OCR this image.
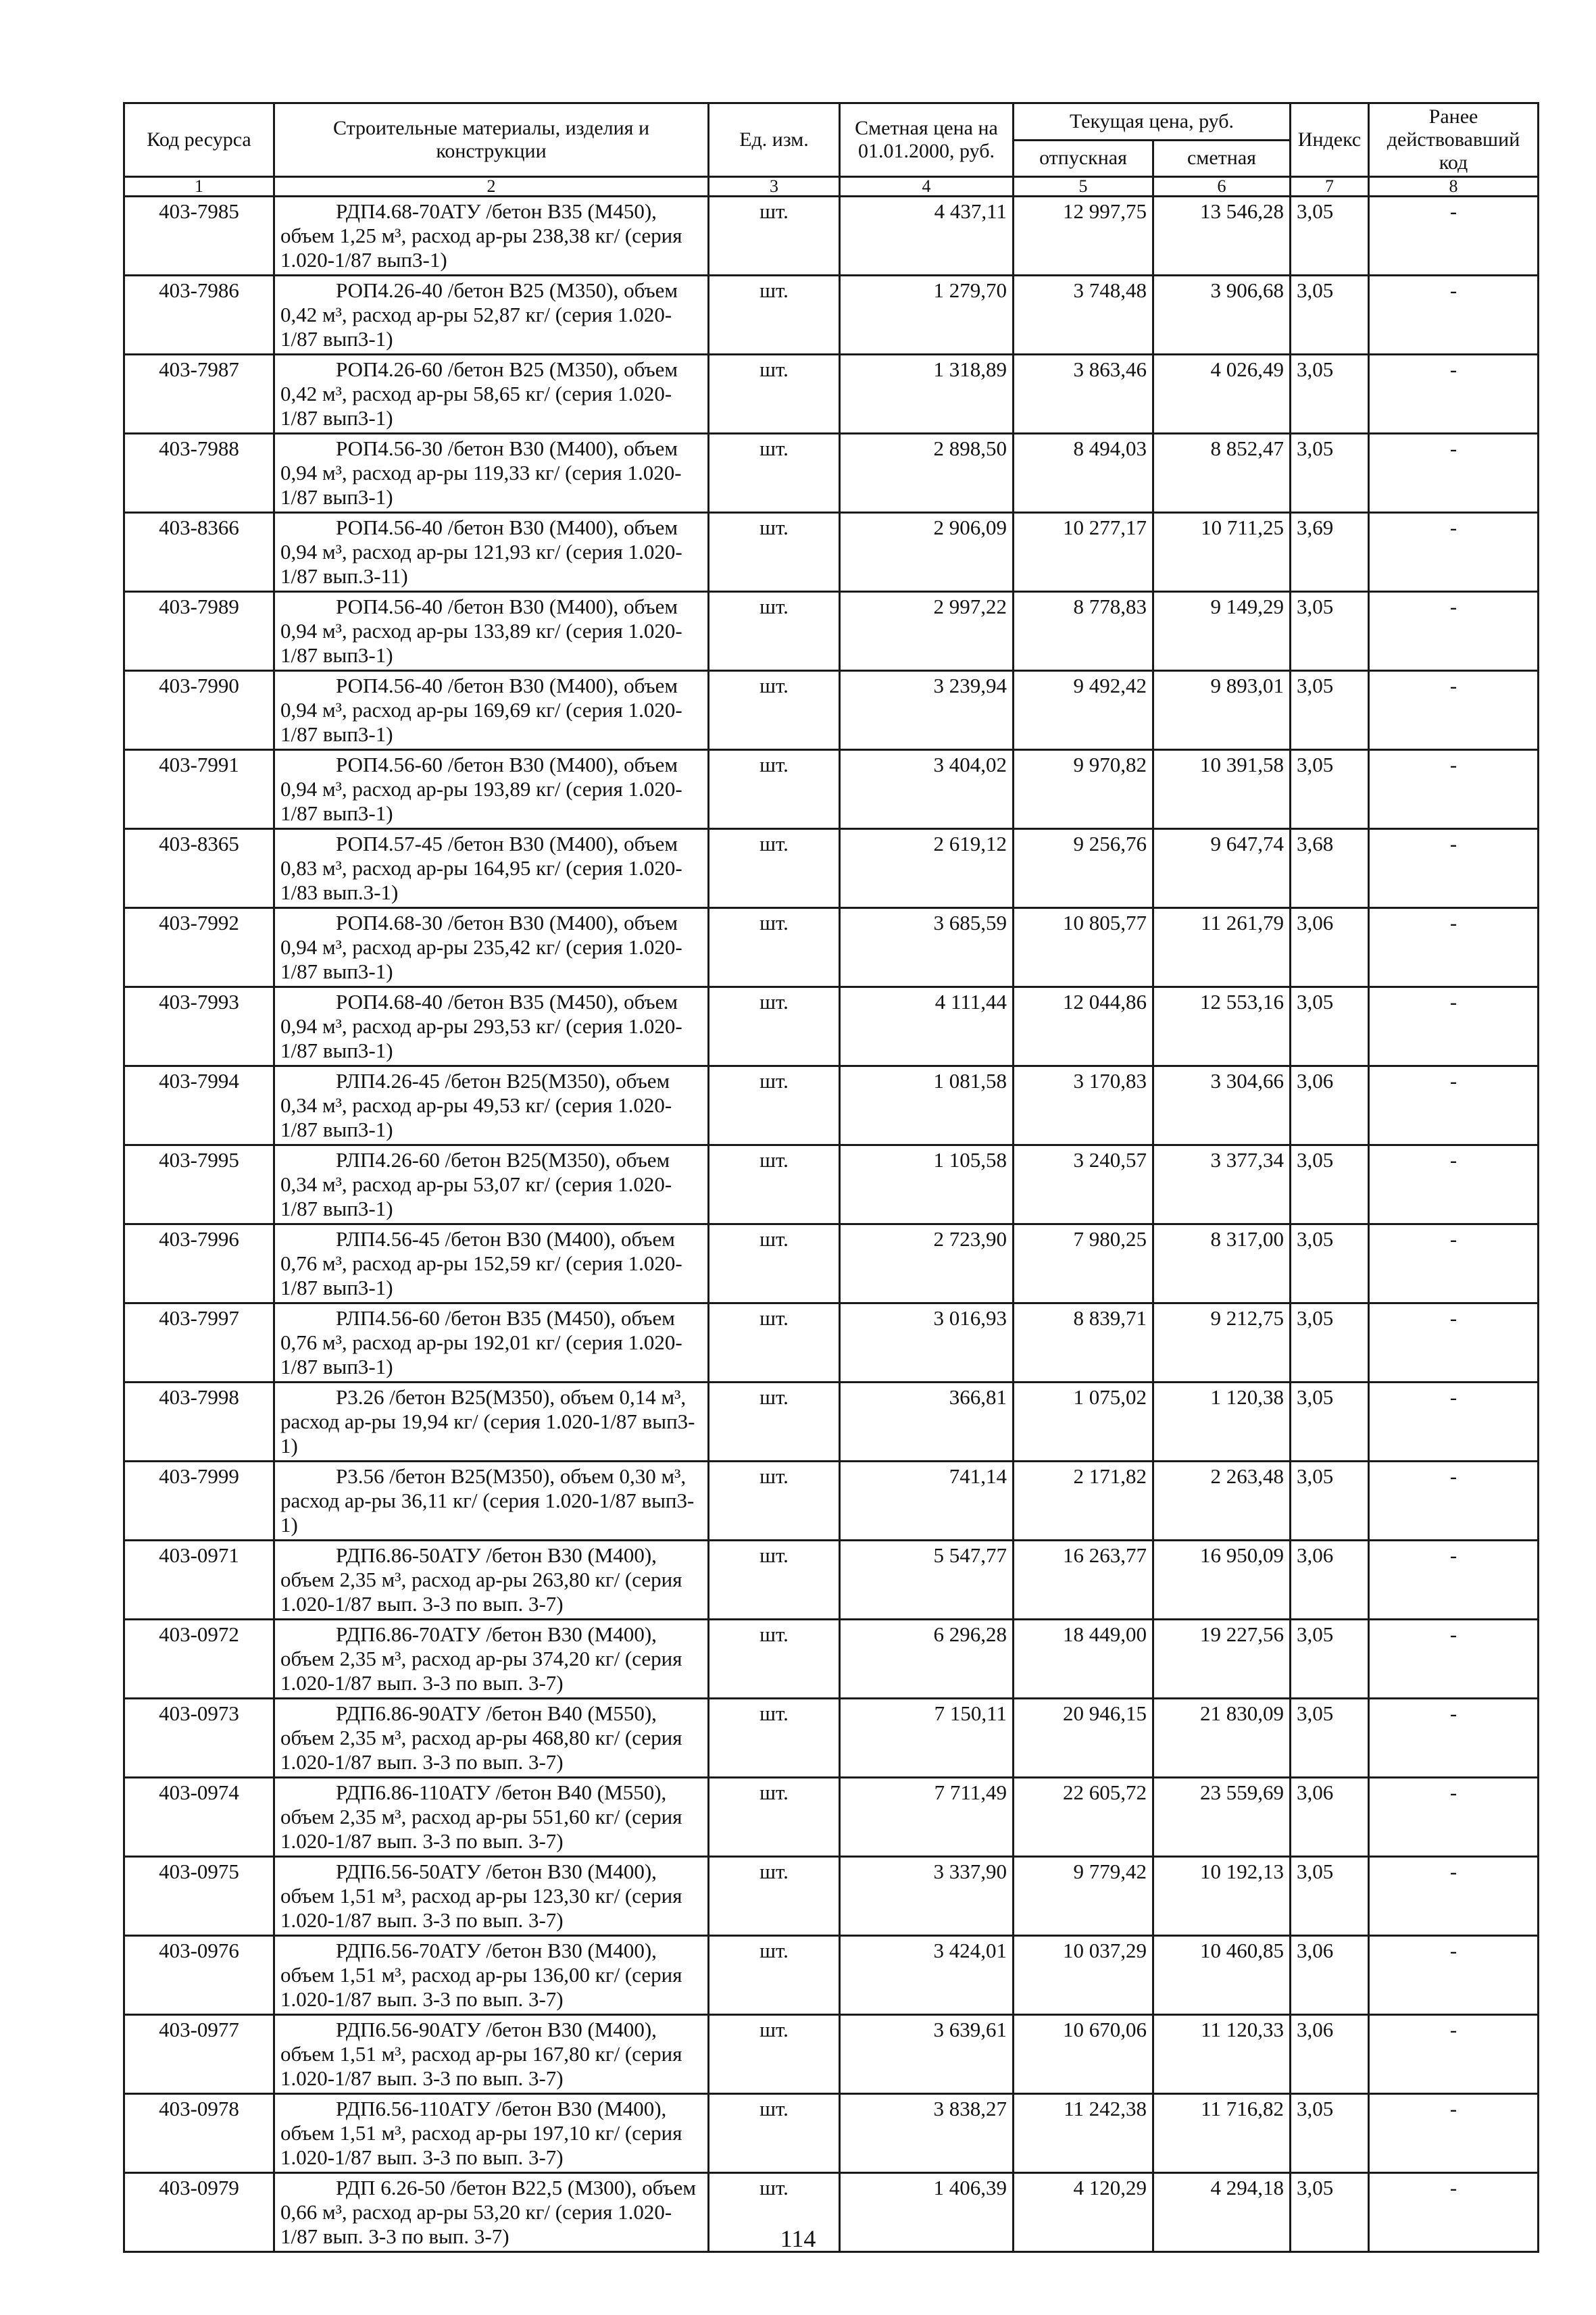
Код ресурса	Строительные материалы, изделия и конструкции	Ед. изм.	Сметная цена на 01.01.2000, руб.	Текущая цена, руб.		Индекс	Ранее действовавший код
				отпускная	сметная		
1	2	3	4	5	6	7	8
403-7985	РДП4.68-70АТУ /бетон В35 (М450), объем 1,25 м³, расход ар-ры 238,38 кг/ (серия 1.020-1/87 вып3-1)	шт.	4 437,11	12 997,75	13 546,28	3,05	-
403-7986	РОП4.26-40 /бетон В25 (М350), объем 0,42 м³, расход ар-ры 52,87 кг/ (серия 1.020-1/87 вып3-1)	шт.	1 279,70	3 748,48	3 906,68	3,05	-
403-7987	РОП4.26-60 /бетон В25 (М350), объем 0,42 м³, расход ар-ры 58,65 кг/ (серия 1.020-1/87 вып3-1)	шт.	1 318,89	3 863,46	4 026,49	3,05	-
403-7988	РОП4.56-30 /бетон В30 (М400), объем 0,94 м³, расход ар-ры 119,33 кг/ (серия 1.020-1/87 вып3-1)	шт.	2 898,50	8 494,03	8 852,47	3,05	-
403-8366	РОП4.56-40 /бетон В30 (М400), объем 0,94 м³, расход ар-ры 121,93 кг/ (серия 1.020-1/87 вып.3-11)	шт.	2 906,09	10 277,17	10 711,25	3,69	-
403-7989	РОП4.56-40 /бетон В30 (М400), объем 0,94 м³, расход ар-ры 133,89 кг/ (серия 1.020-1/87 вып3-1)	шт.	2 997,22	8 778,83	9 149,29	3,05	-
403-7990	РОП4.56-40 /бетон В30 (М400), объем 0,94 м³, расход ар-ры 169,69 кг/ (серия 1.020-1/87 вып3-1)	шт.	3 239,94	9 492,42	9 893,01	3,05	-
403-7991	РОП4.56-60 /бетон В30 (М400), объем 0,94 м³, расход ар-ры 193,89 кг/ (серия 1.020-1/87 вып3-1)	шт.	3 404,02	9 970,82	10 391,58	3,05	-
403-8365	РОП4.57-45 /бетон В30 (М400), объем 0,83 м³, расход ар-ры 164,95 кг/ (серия 1.020-1/83 вып.3-1)	шт.	2 619,12	9 256,76	9 647,74	3,68	-
403-7992	РОП4.68-30 /бетон В30 (М400), объем 0,94 м³, расход ар-ры 235,42 кг/ (серия 1.020-1/87 вып3-1)	шт.	3 685,59	10 805,77	11 261,79	3,06	-
403-7993	РОП4.68-40 /бетон В35 (М450), объем 0,94 м³, расход ар-ры 293,53 кг/ (серия 1.020-1/87 вып3-1)	шт.	4 111,44	12 044,86	12 553,16	3,05	-
403-7994	РЛП4.26-45 /бетон В25(М350), объем 0,34 м³, расход ар-ры 49,53 кг/ (серия 1.020-1/87 вып3-1)	шт.	1 081,58	3 170,83	3 304,66	3,06	-
403-7995	РЛП4.26-60 /бетон В25(М350), объем 0,34 м³, расход ар-ры 53,07 кг/ (серия 1.020-1/87 вып3-1)	шт.	1 105,58	3 240,57	3 377,34	3,05	-
403-7996	РЛП4.56-45 /бетон В30 (М400), объем 0,76 м³, расход ар-ры 152,59 кг/ (серия 1.020-1/87 вып3-1)	шт.	2 723,90	7 980,25	8 317,00	3,05	-
403-7997	РЛП4.56-60 /бетон В35 (М450), объем 0,76 м³, расход ар-ры 192,01 кг/ (серия 1.020-1/87 вып3-1)	шт.	3 016,93	8 839,71	9 212,75	3,05	-
403-7998	Р3.26 /бетон В25(М350), объем 0,14 м³, расход ар-ры 19,94 кг/ (серия 1.020-1/87 вып3-1)	шт.	366,81	1 075,02	1 120,38	3,05	-
403-7999	Р3.56 /бетон В25(М350), объем 0,30 м³, расход ар-ры 36,11 кг/ (серия 1.020-1/87 вып3-1)	шт.	741,14	2 171,82	2 263,48	3,05	-
403-0971	РДП6.86-50АТУ /бетон В30 (М400), объем 2,35 м³, расход ар-ры 263,80 кг/ (серия 1.020-1/87 вып. 3-3 по вып. 3-7)	шт.	5 547,77	16 263,77	16 950,09	3,06	-
403-0972	РДП6.86-70АТУ /бетон В30 (М400), объем 2,35 м³, расход ар-ры 374,20 кг/ (серия 1.020-1/87 вып. 3-3 по вып. 3-7)	шт.	6 296,28	18 449,00	19 227,56	3,05	-
403-0973	РДП6.86-90АТУ /бетон В40 (М550), объем 2,35 м³, расход ар-ры 468,80 кг/ (серия 1.020-1/87 вып. 3-3 по вып. 3-7)	шт.	7 150,11	20 946,15	21 830,09	3,05	-
403-0974	РДП6.86-110АТУ /бетон В40 (М550), объем 2,35 м³, расход ар-ры 551,60 кг/ (серия 1.020-1/87 вып. 3-3 по вып. 3-7)	шт.	7 711,49	22 605,72	23 559,69	3,06	-
403-0975	РДП6.56-50АТУ /бетон В30 (М400), объем 1,51 м³, расход ар-ры 123,30 кг/ (серия 1.020-1/87 вып. 3-3 по вып. 3-7)	шт.	3 337,90	9 779,42	10 192,13	3,05	-
403-0976	РДП6.56-70АТУ /бетон В30 (М400), объем 1,51 м³, расход ар-ры 136,00 кг/ (серия 1.020-1/87 вып. 3-3 по вып. 3-7)	шт.	3 424,01	10 037,29	10 460,85	3,06	-
403-0977	РДП6.56-90АТУ /бетон В30 (М400), объем 1,51 м³, расход ар-ры 167,80 кг/ (серия 1.020-1/87 вып. 3-3 по вып. 3-7)	шт.	3 639,61	10 670,06	11 120,33	3,06	-
403-0978	РДП6.56-110АТУ /бетон В30 (М400), объем 1,51 м³, расход ар-ры 197,10 кг/ (серия 1.020-1/87 вып. 3-3 по вып. 3-7)	шт.	3 838,27	11 242,38	11 716,82	3,05	-
403-0979	РДП 6.26-50 /бетон В22,5 (М300), объем 0,66 м³, расход ар-ры 53,20 кг/ (серия 1.020-1/87 вып. 3-3 по вып. 3-7)	шт.	1 406,39	4 120,29	4 294,18	3,05	-
114
